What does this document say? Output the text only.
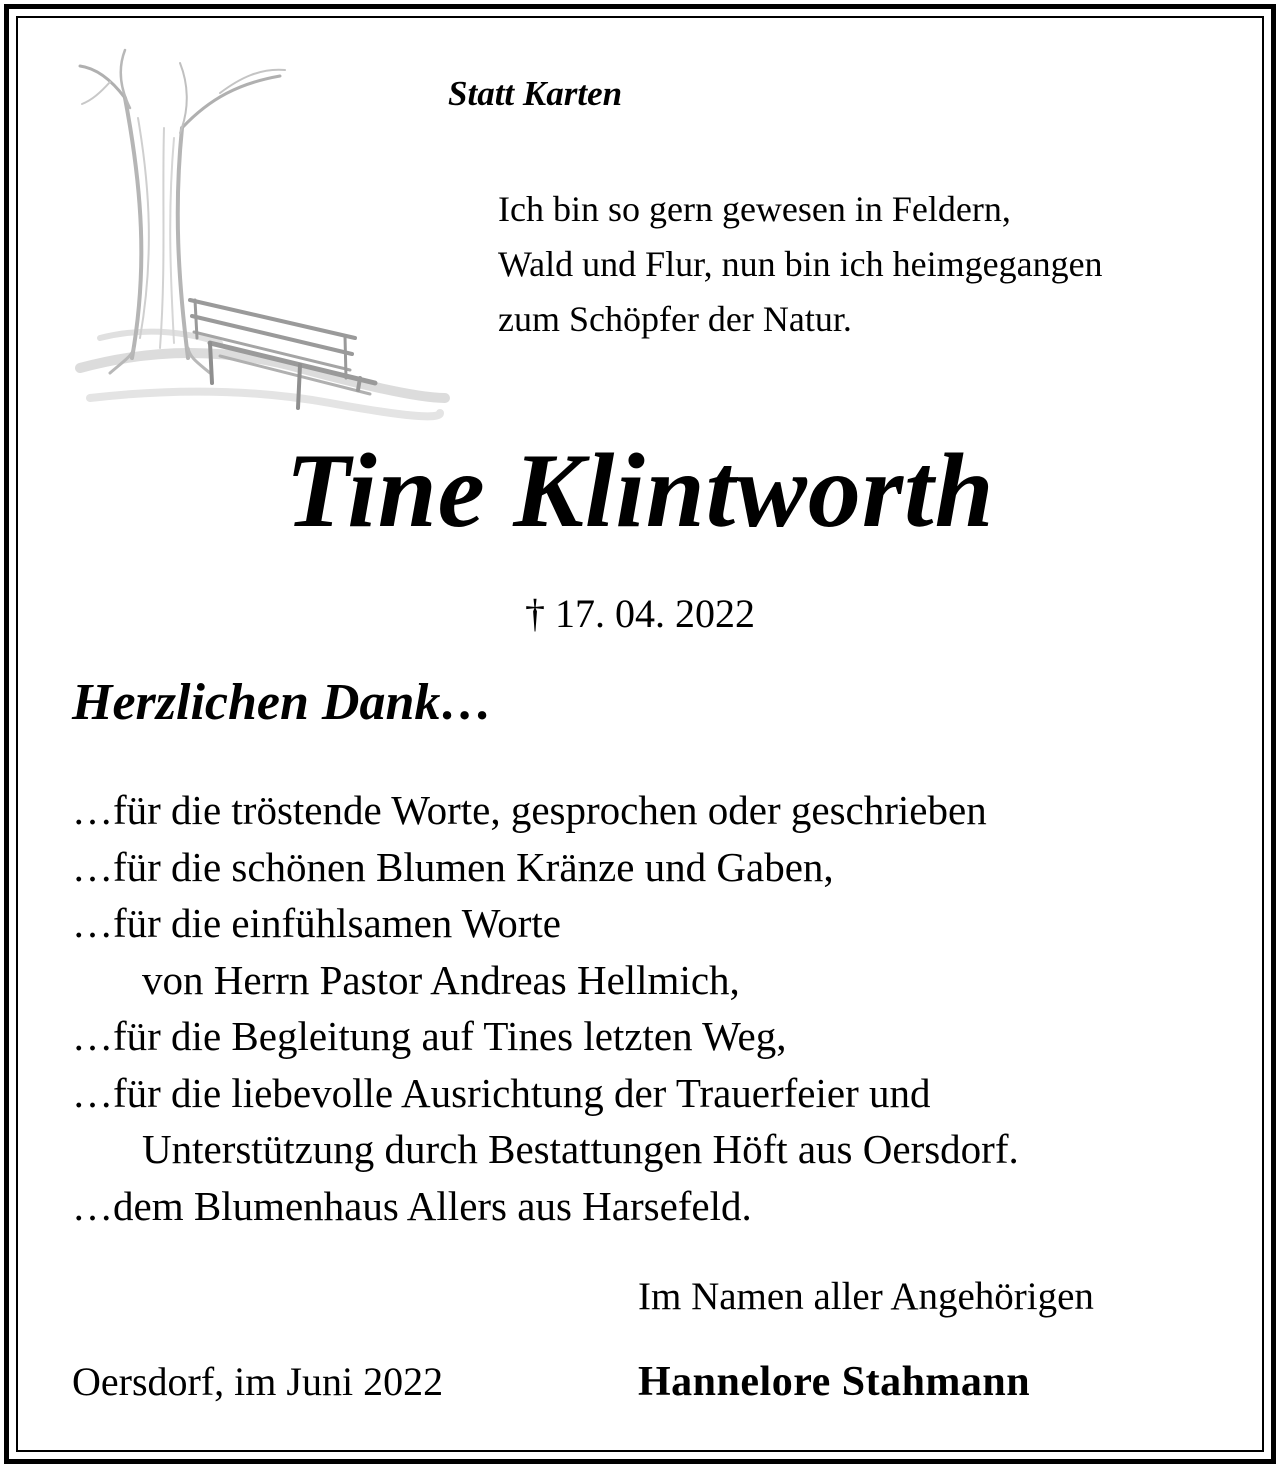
Statt Karten
Ich bin so gern gewesen in Feldern,
Wald und Flur, nun bin ich heimgegangen
zum Schöpfer der Natur.
Tine Klintworth
† 17. 04. 2022
Herzlichen Dank…
…für die tröstende Worte, gesprochen oder geschrieben
…für die schönen Blumen Kränze und Gaben,
…für die einfühlsamen Worte
von Herrn Pastor Andreas Hellmich,
…für die Begleitung auf Tines letzten Weg,
…für die liebevolle Ausrichtung der Trauerfeier und
Unterstützung durch Bestattungen Höft aus Oersdorf.
…dem Blumenhaus Allers aus Harsefeld.
Im Namen aller Angehörigen
Oersdorf, im Juni 2022	Hannelore Stahmann
